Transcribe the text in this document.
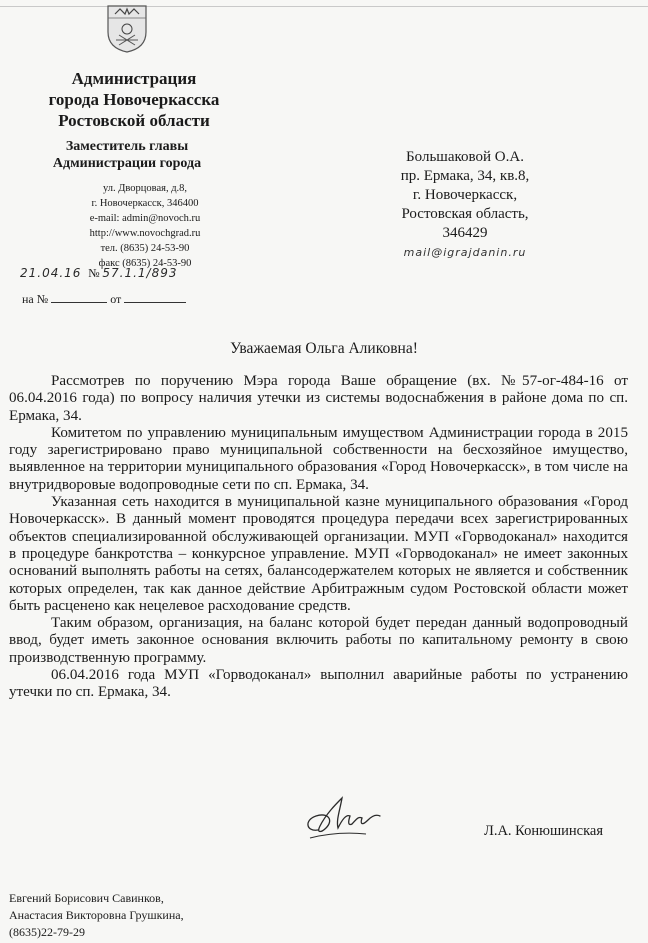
Администрация
города Новочеркасска
Ростовской области
Заместитель главы
Администрации города
ул. Дворцовая, д.8,
г. Новочеркасск, 346400
e-mail: admin@novoch.ru
http://www.novochgrad.ru
тел. (8635) 24-53-90
факс (8635) 24-53-90
21.04.16 № 57.1.1/893
на №	от
Большаковой О.А.
пр. Ермака, 34, кв.8,
г. Новочеркасск,
Ростовская область,
346429
mail@igrajdanin.ru
Уважаемая Ольга Аликовна!

Рассмотрев по поручению Мэра города Ваше обращение (вх. №57-ог-484-16 от 06.04.2016 года) по вопросу наличия утечки из системы водоснабжения в районе дома по сп. Ермака, 34.

Комитетом по управлению муниципальным имуществом Администрации города в 2015 году зарегистрировано право муниципальной собственности на бесхозяйное имущество, выявленное на территории муниципального образования «Город Новочеркасск», в том числе на внутридворовые водопроводные сети по сп. Ермака, 34.

Указанная сеть находится в муниципальной казне муниципального образования «Город Новочеркасск». В данный момент проводятся процедура передачи всех зарегистрированных объектов специализированной обслуживающей организации. МУП «Горводоканал» находится в процедуре банкротства – конкурсное управление. МУП «Горводоканал» не имеет законных оснований выполнять работы на сетях, балансодержателем которых не является и собственник которых определен, так как данное действие Арбитражным судом Ростовской области может быть расценено как нецелевое расходование средств.

Таким образом, организация, на баланс которой будет передан данный водопроводный ввод, будет иметь законное основания включить работы по капитальному ремонту в свою производственную программу.

06.04.2016 года МУП «Горводоканал» выполнил аварийные работы по устранению утечки по сп. Ермака, 34.

Л.А. Конюшинская
Евгений Борисович Савинков,
Анастасия Викторовна Грушкина,
(8635)22-79-29
